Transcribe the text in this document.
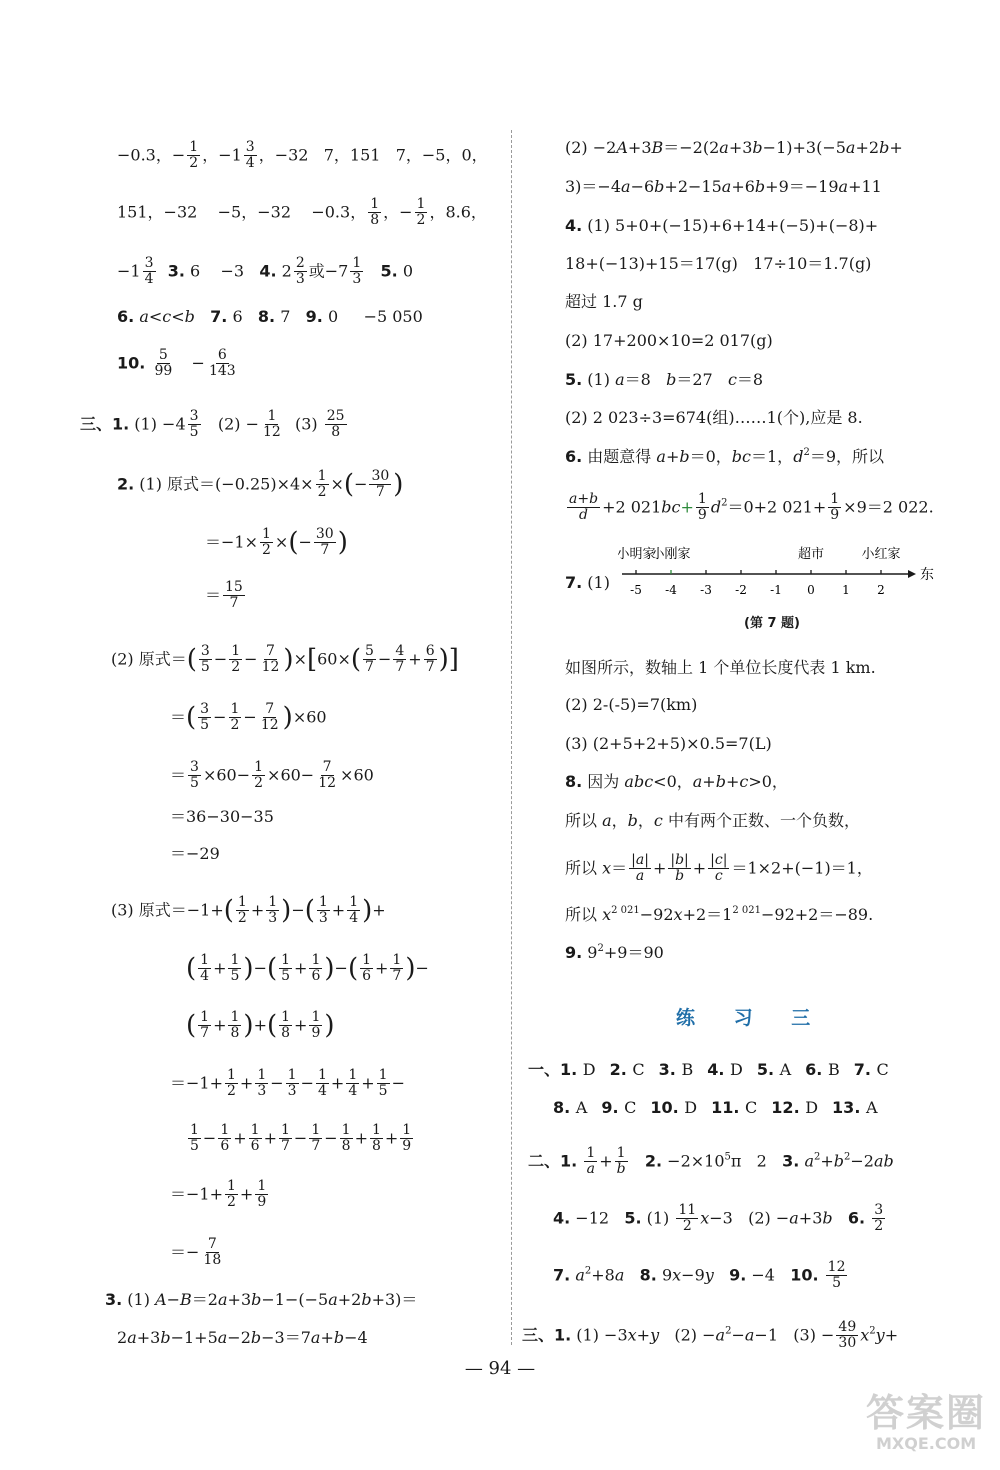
−0.3，− $\frac{1}{2}$ ，$-1 \frac{3}{4}$ ，−32   7，151   7，−5，0，
151，−32    −5，−32    −0.3， $\frac{1}{8}$ ，− $\frac{1}{2}$ ，8.6，
$-1 \frac{3}{4} 3$. 6    −3   4. $2 \frac{2}{3}$ 或$-7 \frac{1}{3} 5$. 0
6. a<c<b 7. 6   8. 7   9. 0     −5 050
10. $\frac{5}{99} - \frac{6}{143}$
三、1. $(1) -4 \frac{3}{5} (2) - \frac{1}{12} (3) \frac{25}{8}$
2. (1) 原式$=(-0.25)\times 4\times \frac{1}{2}$ ×(− $\frac{30}{7}$ )
$=-1\times \frac{1}{2}$ ×(− $\frac{30}{7}$ )
＝ $\frac{15}{7}$
(2) 原式＝( $\frac{3}{5} - \frac{1}{2} - \frac{7}{12} )\times[60\times( \frac{5}{7} - \frac{4}{7} + \frac{6}{7}$ )]
＝( $\frac{3}{5} - \frac{1}{2} - \frac{7}{12} )\times 60$
＝ $\frac{3}{5} \times 60- \frac{1}{2} \times 60- \frac{7}{12} \times 60$
＝36−30−35
＝−29
(3) 原式$=-1+( \frac{1}{2} + \frac{1}{3}$ )−( $\frac{1}{3} + \frac{1}{4}$ )+
( $\frac{1}{4} + \frac{1}{5}$ )−( $\frac{1}{5} + \frac{1}{6}$ )−( $\frac{1}{6} + \frac{1}{7}$ )−
( $\frac{1}{7} + \frac{1}{8}$ )+( $\frac{1}{8} + \frac{1}{9}$ )
$=-1+ \frac{1}{2} + \frac{1}{3} - \frac{1}{3} - \frac{1}{4} + \frac{1}{4} + \frac{1}{5}$ −
$\frac{1}{5} - \frac{1}{6} + \frac{1}{6} + \frac{1}{7} - \frac{1}{7} - \frac{1}{8} + \frac{1}{8} + \frac{1}{9}$
$=-1+ \frac{1}{2} + \frac{1}{9}$
＝− $\frac{7}{18}$
3. (1) A−B＝2a+3b−1−(−5a+2b+3)＝
2a+3b−1+5a−2b−3＝7a+b−4
(2) −2A+3B＝−2(2a+3b−1)+3(−5a+2b+
3)＝−4a−6b+2−15a+6b+9＝−19a+11
4. (1) 5+0+(−15)+6+14+(−5)+(−8)+
18+(−13)+15＝17(g)   17÷10＝1.7(g)
超过 1.7 g
(2) 17+200×10=2 017(g)
5. (1) a＝8   b＝27   c＝8
(2) 2 023÷3=674(组)……1(个),应是 8.
6. 由题意得 a+b＝0，bc＝1，$d^2=9$，所以
$\frac{a+b}{d} +2$ $021bc+ \frac{1}{9} d^2=0+2$ $021+ \frac{1}{9} \times 9=2$ 022.
7. (1) -5 -4 -3 -2 -1 0 1 2
小明家
小刚家	超市	小红家
东
(第 7 题)
如图所示，数轴上 1 个单位长度代表 1 km.
(2) 2-(-5)=7(km)
(3) (2+5+2+5)×0.5=7(L)
8. 因为 abc<0，a+b+c>0，
所以 a，b，c 中有两个正数、一个负数，
所以 $x= \frac{|a|}{a} + \frac{|b|}{b} + \frac{|c|}{c} =1\times 2+(-1)=1$，
所以 $x^{2 021}-92x+2=1^{2 021}-92+2=-89$.
9. $9^2+9=90$
练 习 三
一、1. D 2. C 3. B 4. D 5. A 6. B 7. C
8. A 9. C 10. D 11. C 12. D 13. A
二、1. $\frac{1}{a} + \frac{1}{b} 2$. $-2\times 10^5\pi$   2   3. $a^2+b^2-2ab$
4. −12   5. $(1) \frac{11}{2} x-3$   (2) −a+3b 6. $\frac{3}{2}$
7. $a^2+8a$ 8. 9x−9y 9. −4   10. $\frac{12}{5}$
三、1. (1) −3x+y   $(2) -a^2-a-1$   $(3) - \frac{49}{30} x^2y+$
— 94 —
答案圈
MXQE.COM
